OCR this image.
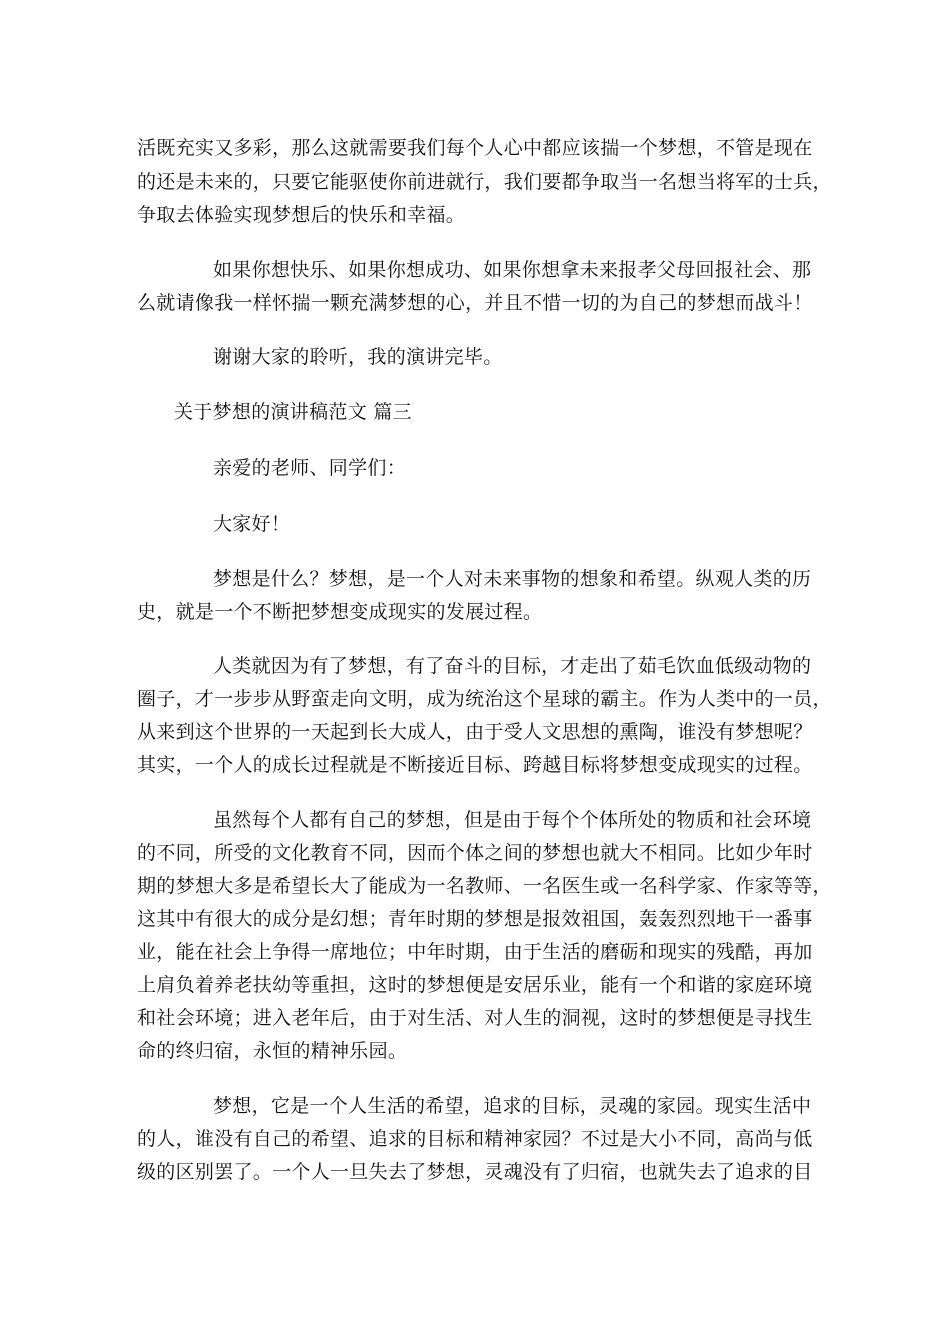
活既充实又多彩，那么这就需要我们每个人心中都应该揣一个梦想，不管是现在
的还是未来的，只要它能驱使你前进就行，我们要都争取当一名想当将军的士兵，
争取去体验实现梦想后的快乐和幸福。
如果你想快乐、如果你想成功、如果你想拿未来报孝父母回报社会、那
么就请像我一样怀揣一颗充满梦想的心，并且不惜一切的为自己的梦想而战斗！
谢谢大家的聆听，我的演讲完毕。
关于梦想的演讲稿范文 篇三
亲爱的老师、同学们：
大家好！
梦想是什么？梦想，是一个人对未来事物的想象和希望。纵观人类的历
史，就是一个不断把梦想变成现实的发展过程。
人类就因为有了梦想，有了奋斗的目标，才走出了茹毛饮血低级动物的
圈子，才一步步从野蛮走向文明，成为统治这个星球的霸主。作为人类中的一员，
从来到这个世界的一天起到长大成人，由于受人文思想的熏陶，谁没有梦想呢？
其实，一个人的成长过程就是不断接近目标、跨越目标将梦想变成现实的过程。
虽然每个人都有自己的梦想，但是由于每个个体所处的物质和社会环境
的不同，所受的文化教育不同，因而个体之间的梦想也就大不相同。比如少年时
期的梦想大多是希望长大了能成为一名教师、一名医生或一名科学家、作家等等，
这其中有很大的成分是幻想；青年时期的梦想是报效祖国，轰轰烈烈地干一番事
业，能在社会上争得一席地位；中年时期，由于生活的磨砺和现实的残酷，再加
上肩负着养老扶幼等重担，这时的梦想便是安居乐业，能有一个和谐的家庭环境
和社会环境；进入老年后，由于对生活、对人生的洞视，这时的梦想便是寻找生
命的终归宿，永恒的精神乐园。
梦想，它是一个人生活的希望，追求的目标，灵魂的家园。现实生活中
的人，谁没有自己的希望、追求的目标和精神家园？不过是大小不同，高尚与低
级的区别罢了。一个人一旦失去了梦想，灵魂没有了归宿，也就失去了追求的目
